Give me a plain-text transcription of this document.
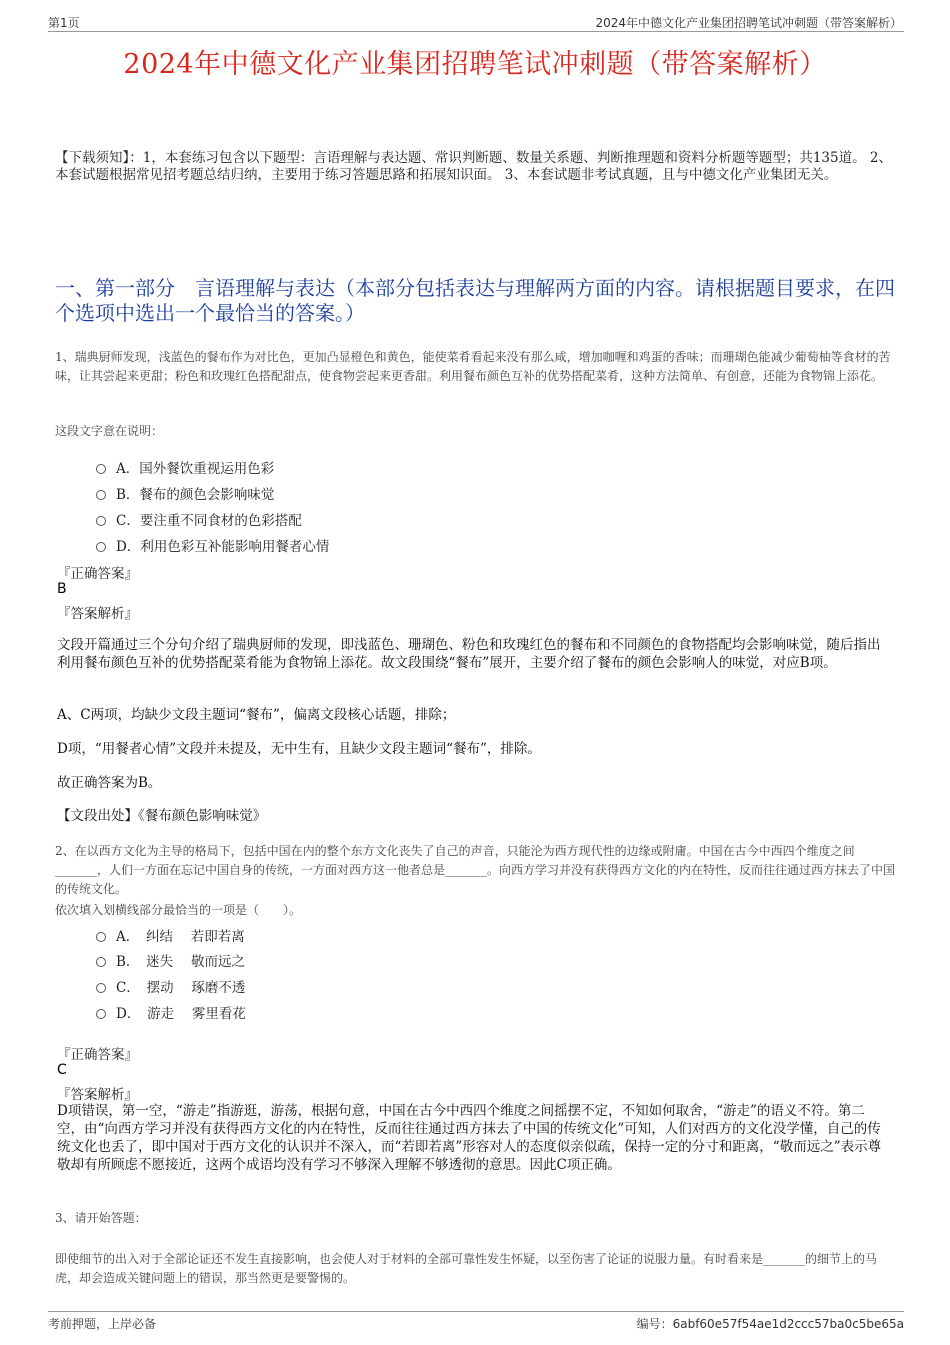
第1页	2024年中德文化产业集团招聘笔试冲刺题（带答案解析）
2024年中德文化产业集团招聘笔试冲刺题（带答案解析）
【下载须知】：1，本套练习包含以下题型：言语理解与表达题、常识判断题、数量关系题、判断推理题和资料分析题等题型；共135道。 2、本套试题根据常见招考题总结归纳，主要用于练习答题思路和拓展知识面。 3、本套试题非考试真题，且与中德文化产业集团无关。
一、第一部分　言语理解与表达（本部分包括表达与理解两方面的内容。请根据题目要求，在四个选项中选出一个最恰当的答案。）
1、瑞典厨师发现，浅蓝色的餐布作为对比色，更加凸显橙色和黄色，能使菜肴看起来没有那么咸，增加咖喱和鸡蛋的香味；而珊瑚色能减少葡萄柚等食材的苦味，让其尝起来更甜；粉色和玫瑰红色搭配甜点，使食物尝起来更香甜。利用餐布颜色互补的优势搭配菜肴，这种方法简单、有创意，还能为食物锦上添花。
这段文字意在说明：
A．国外餐饮重视运用色彩
B．餐布的颜色会影响味觉
C．要注重不同食材的色彩搭配
D．利用色彩互补能影响用餐者心情
『正确答案』
B
『答案解析』
文段开篇通过三个分句介绍了瑞典厨师的发现，即浅蓝色、珊瑚色、粉色和玫瑰红色的餐布和不同颜色的食物搭配均会影响味觉，随后指出利用餐布颜色互补的优势搭配菜肴能为食物锦上添花。故文段围绕“餐布”展开，主要介绍了餐布的颜色会影响人的味觉，对应B项。
A、C两项，均缺少文段主题词“餐布”，偏离文段核心话题，排除；
D项，“用餐者心情”文段并未提及，无中生有，且缺少文段主题词“餐布”，排除。
故正确答案为B。
【文段出处】《餐布颜色影响味觉》
2、在以西方文化为主导的格局下，包括中国在内的整个东方文化丧失了自己的声音，只能沦为西方现代性的边缘或附庸。中国在古今中西四个维度之间_______，人们一方面在忘记中国自身的传统，一方面对西方这一他者总是_______。向西方学习并没有获得西方文化的内在特性，反而往往通过西方抹去了中国的传统文化。
依次填入划横线部分最恰当的一项是（　　）。
A．　纠结　 若即若离
B．　迷失　 敬而远之
C．　摆动　 琢磨不透
D．　游走　 雾里看花
『正确答案』
C
『答案解析』
D项错误，第一空，“游走”指游逛，游荡，根据句意，中国在古今中西四个维度之间摇摆不定，不知如何取舍，“游走”的语义不符。第二空，由“向西方学习并没有获得西方文化的内在特性，反而往往通过西方抹去了中国的传统文化”可知，人们对西方的文化没学懂，自己的传统文化也丢了，即中国对于西方文化的认识并不深入，而“若即若离”形容对人的态度似亲似疏，保持一定的分寸和距离，“敬而远之”表示尊敬却有所顾虑不愿接近，这两个成语均没有学习不够深入理解不够透彻的意思。因此C项正确。
3、请开始答题：
即使细节的出入对于全部论证还不发生直接影响，也会使人对于材料的全部可靠性发生怀疑，以至伤害了论证的说服力量。有时看来是_______的细节上的马虎，却会造成关键问题上的错误，那当然更是要警惕的。
考前押题，上岸必备	编号：6abf60e57f54ae1d2ccc57ba0c5be65a
